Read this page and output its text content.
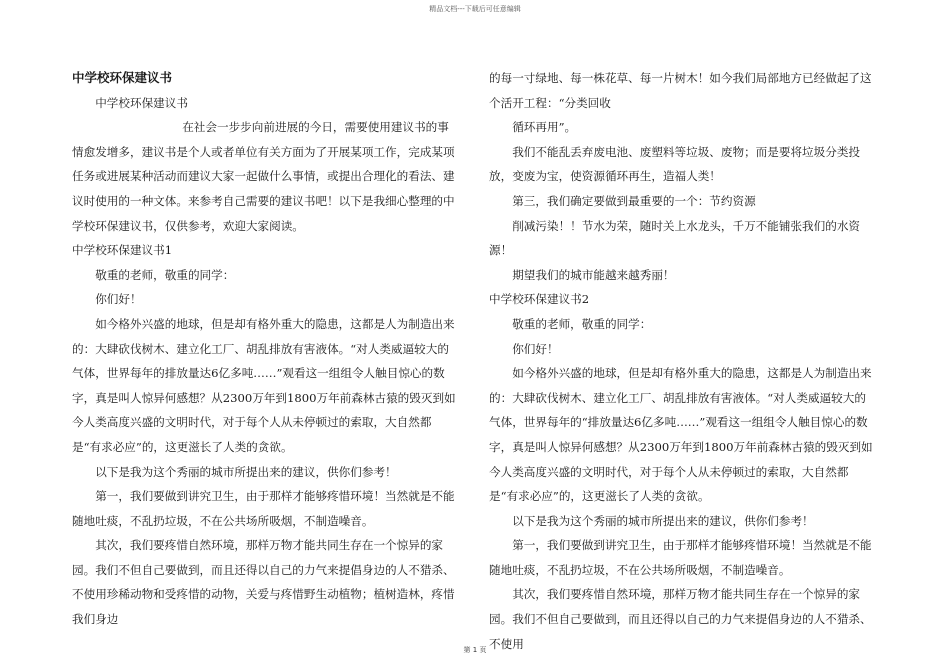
精品文档---下载后可任意编辑

中学校环保建议书

中学校环保建议书

在社会一步步向前进展的今日，需要使用建议书的事情愈发增多，建议书是个人或者单位有关方面为了开展某项工作，完成某项任务或进展某种活动而建议大家一起做什么事情，或提出合理化的看法、建议时使用的一种文体。来参考自己需要的建议书吧！以下是我细心整理的中学校环保建议书，仅供参考，欢迎大家阅读。

中学校环保建议书1

敬重的老师，敬重的同学：

你们好！

如今格外兴盛的地球，但是却有格外重大的隐患，这都是人为制造出来的：大肆砍伐树木、建立化工厂、胡乱排放有害液体。“对人类威逼较大的气体，世界每年的排放量达6亿多吨……”观看这一组组令人触目惊心的数字，真是叫人惊异何感想？从2300万年到1800万年前森林古猿的毁灭到如今人类高度兴盛的文明时代，对于每个人从未停顿过的索取，大自然都是“有求必应”的，这更滋长了人类的贪欲。

以下是我为这个秀丽的城市所提出来的建议，供你们参考！

第一，我们要做到讲究卫生，由于那样才能够疼惜环境！当然就是不能随地吐痰，不乱扔垃圾，不在公共场所吸烟，不制造噪音。

其次，我们要疼惜自然环境，那样万物才能共同生存在一个惊异的家园。我们不但自己要做到，而且还得以自己的力气来提倡身边的人不猎杀、不使用珍稀动物和受疼惜的动物，关爱与疼惜野生动植物；植树造林，疼惜我们身边

的每一寸绿地、每一株花草、每一片树木！如今我们局部地方已经做起了这个活开工程：“分类回收

循环再用”。

我们不能乱丢弃废电池、废塑料等垃圾、废物；而是要将垃圾分类投放，变废为宝，使资源循环再生，造福人类！

第三，我们确定要做到最重要的一个：节约资源

削减污染！！节水为荣，随时关上水龙头，千万不能铺张我们的水资源！

期望我们的城市能越来越秀丽！

中学校环保建议书2

敬重的老师，敬重的同学：

你们好！

如今格外兴盛的地球，但是却有格外重大的隐患，这都是人为制造出来的：大肆砍伐树木、建立化工厂、胡乱排放有害液体。“对人类威逼较大的气体，世界每年的“排放量达6亿多吨……”观看这一组组令人触目惊心的数字，真是叫人惊异何感想？从2300万年到1800万年前森林古猿的毁灭到如今人类高度兴盛的文明时代，对于每个人从未停顿过的索取，大自然都是“有求必应”的，这更滋长了人类的贪欲。

以下是我为这个秀丽的城市所提出来的建议，供你们参考！

第一，我们要做到讲究卫生，由于那样才能够疼惜环境！当然就是不能随地吐痰，不乱扔垃圾，不在公共场所吸烟，不制造噪音。

其次，我们要疼惜自然环境，那样万物才能共同生存在一个惊异的家园。我们不但自己要做到，而且还得以自己的力气来提倡身边的人不猎杀、不使用

第 1 页
